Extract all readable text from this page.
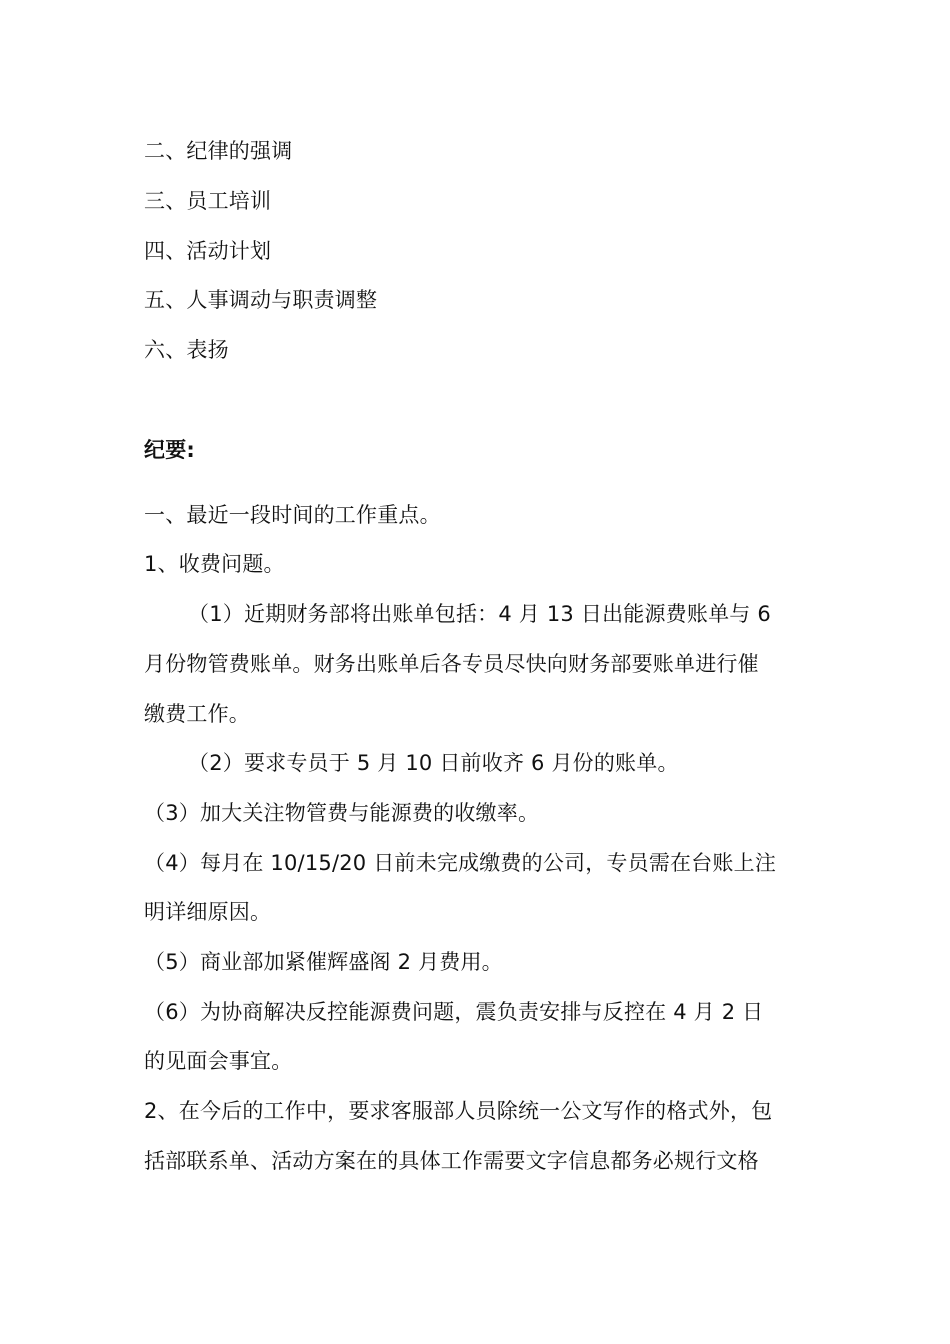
二、纪律的强调
三、员工培训
四、活动计划
五、人事调动与职责调整
六、表扬
纪要:
一、最近一段时间的工作重点。
1、收费问题。
（1）近期财务部将出账单包括：4 月 13 日出能源费账单与 6
月份物管费账单。财务出账单后各专员尽快向财务部要账单进行催
缴费工作。
（2）要求专员于 5 月 10 日前收齐 6 月份的账单。
（3）加大关注物管费与能源费的收缴率。
（4）每月在 10/15/20 日前未完成缴费的公司，专员需在台账上注
明详细原因。
（5）商业部加紧催辉盛阁 2 月费用。
（6）为协商解决反控能源费问题，震负责安排与反控在 4 月 2 日
的见面会事宜。
2、在今后的工作中，要求客服部人员除统一公文写作的格式外，包
括部联系单、活动方案在的具体工作需要文字信息都务必规行文格
